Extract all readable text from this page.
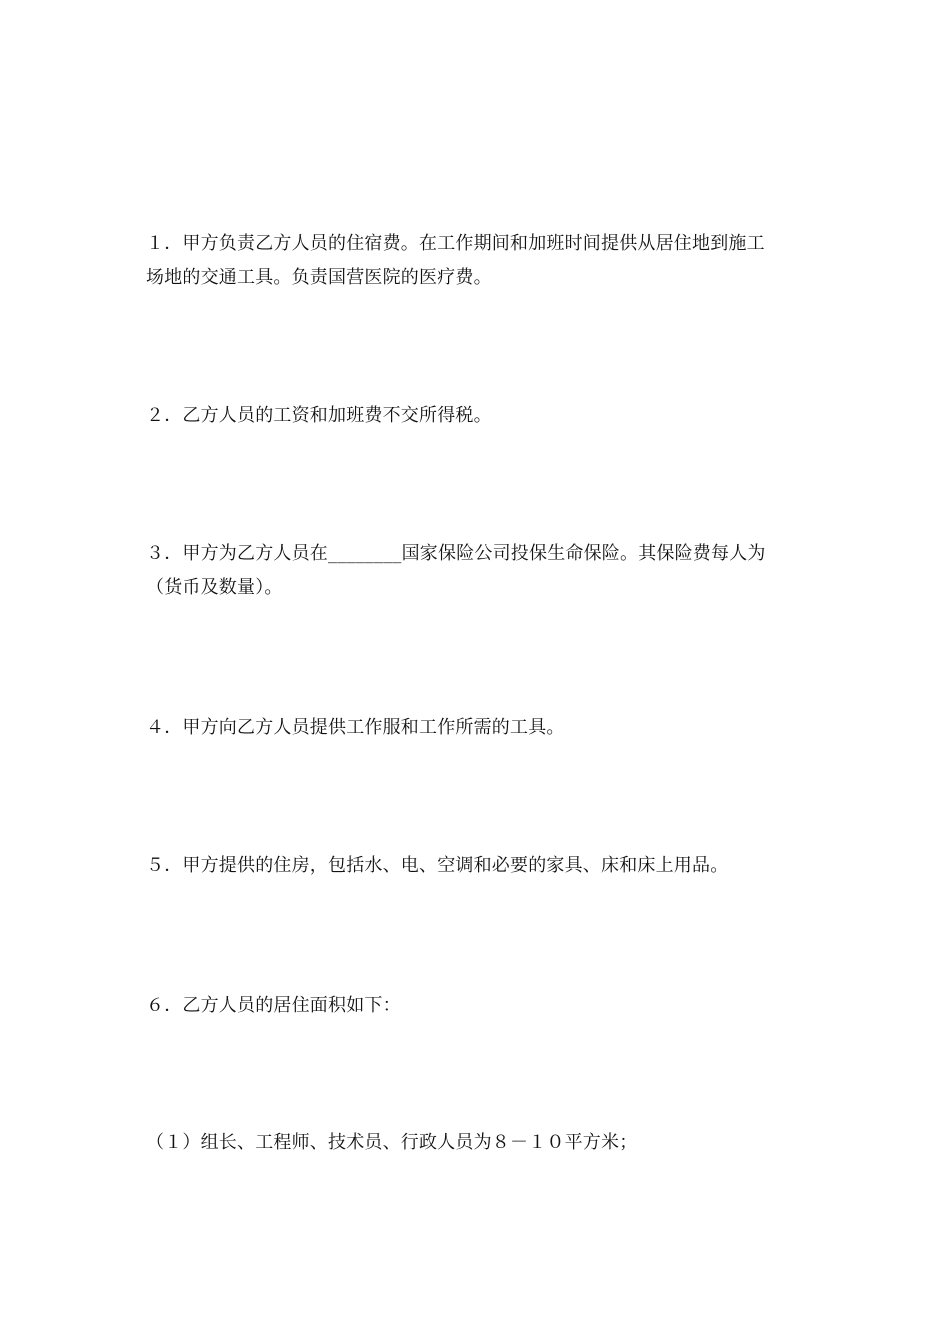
１．甲方负责乙方人员的住宿费。在工作期间和加班时间提供从居住地到施工
场地的交通工具。负责国营医院的医疗费。
２．乙方人员的工资和加班费不交所得税。
３．甲方为乙方人员在________国家保险公司投保生命保险。其保险费每人为
（货币及数量）。
４．甲方向乙方人员提供工作服和工作所需的工具。
５．甲方提供的住房，包括水、电、空调和必要的家具、床和床上用品。
６．乙方人员的居住面积如下：
（１）组长、工程师、技术员、行政人员为８－１０平方米；
